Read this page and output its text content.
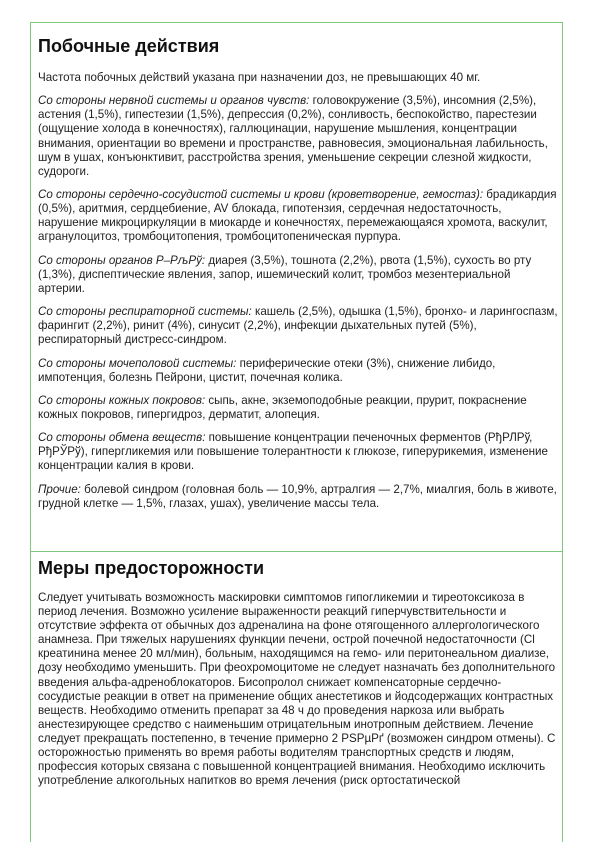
Побочные действия

Частота побочных действий указана при назначении доз, не превышающих 40 мг.

Со стороны нервной системы и органов чувств: головокружение (3,5%), инсомния (2,5%), астения (1,5%), гипестезии (1,5%), депрессия (0,2%), сонливость, беспокойство, парестезии (ощущение холода в конечностях), галлюцинации, нарушение мышления, концентрации внимания, ориентации во времени и пространстве, равновесия, эмоциональная лабильность, шум в ушах, конъюнктивит, расстройства зрения, уменьшение секреции слезной жидкости, судороги.

Со стороны сердечно-сосудистой системы и крови (кроветворение, гемостаз): брадикардия (0,5%), аритмия, сердцебиение, AV блокада, гипотензия, сердечная недостаточность, нарушение микроциркуляции в миокарде и конечностях, перемежающаяся хромота, васкулит, агранулоцитоз, тромбоцитопения, тромбоцитопеническая пурпура.

Со стороны органов Р–РљРў: диарея (3,5%), тошнота (2,2%), рвота (1,5%), сухость во рту (1,3%), диспептические явления, запор, ишемический колит, тромбоз мезентериальной артерии.

Со стороны респираторной системы: кашель (2,5%), одышка (1,5%), бронхо- и ларингоспазм, фарингит (2,2%), ринит (4%), синусит (2,2%), инфекции дыхательных путей (5%), респираторный дистресс-синдром.

Со стороны мочеполовой системы: периферические отеки (3%), снижение либидо, импотенция, болезнь Пейрони, цистит, почечная колика.

Со стороны кожных покровов: сыпь, акне, экземоподобные реакции, прурит, покраснение кожных покровов, гипергидроз, дерматит, алопеция.

Со стороны обмена веществ: повышение концентрации печеночных ферментов (РђРЛРў, РђРЎРў), гипергликемия или повышение толерантности к глюкозе, гиперурикемия, изменение концентрации калия в крови.

Прочие: болевой синдром (головная боль — 10,9%, артралгия — 2,7%, миалгия, боль в животе, грудной клетке — 1,5%, глазах, ушах), увеличение массы тела.

Меры предосторожности

Следует учитывать возможность маскировки симптомов гипогликемии и тиреотоксикоза в период лечения. Возможно усиление выраженности реакций гиперчувствительности и отсутствие эффекта от обычных доз адреналина на фоне отягощенного аллергологического анамнеза. При тяжелых нарушениях функции печени, острой почечной недостаточности (Cl креатинина менее 20 мл/мин), больным, находящимся на гемо- или перитонеальном диализе, дозу необходимо уменьшить. При феохромоцитоме не следует назначать без дополнительного введения альфа-адреноблокаторов. Бисопролол снижает компенсаторные сердечно-сосудистые реакции в ответ на применение общих анестетиков и йодсодержащих контрастных веществ. Необходимо отменить препарат за 48 ч до проведения наркоза или выбрать анестезирующее средство с наименьшим отрицательным инотропным действием. Лечение следует прекращать постепенно, в течение примерно 2 РЅРµРґ (возможен синдром отмены). С осторожностью применять во время работы водителям транспортных средств и людям, профессия которых связана с повышенной концентрацией внимания. Необходимо исключить употребление алкогольных напитков во время лечения (риск ортостатической
